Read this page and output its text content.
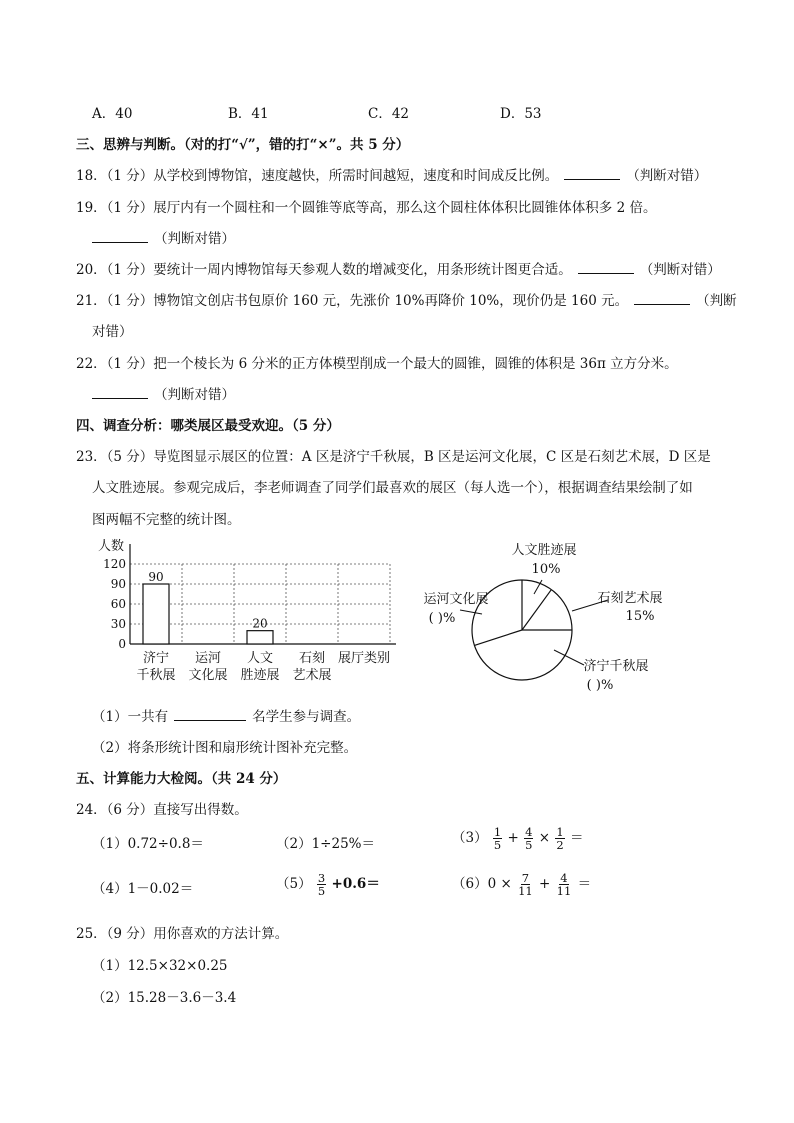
A．40	B．41	C．42	D．53
三、思辨与判断。（对的打“√”，错的打“×”。共 5 分）
18．（1 分）从学校到博物馆，速度越快，所需时间越短，速度和时间成反比例。	（判断对错）
19．（1 分）展厅内有一个圆柱和一个圆锥等底等高，那么这个圆柱体体积比圆锥体体积多 2 倍。
（判断对错）
20．（1 分）要统计一周内博物馆每天参观人数的增减变化，用条形统计图更合适。	（判断对错）
21．（1 分）博物馆文创店书包原价 160 元，先涨价 10%再降价 10%，现价仍是 160 元。	（判断
对错）
22．（1 分）把一个棱长为 6 分米的正方体模型削成一个最大的圆锥，圆锥的体积是 36π 立方分米。
（判断对错）
四、调查分析：哪类展区最受欢迎。（5 分）
23．（5 分）导览图显示展区的位置：A 区是济宁千秋展，B 区是运河文化展，C 区是石刻艺术展，D 区是
人文胜迹展。参观完成后，李老师调查了同学们最喜欢的展区（每人选一个），根据调查结果绘制了如
图两幅不完整的统计图。
120
90
60
30
0
人数
90
20
济宁
千秋展
运河
文化展
人文
胜迹展
石刻
艺术展
展厅类别
人文胜迹展
10%
石刻艺术展
15%
济宁千秋展
( )%
运河文化展
( )%
（1）一共有	名学生参与调查。
（2）将条形统计图和扇形统计图补充完整。
五、计算能力大检阅。（共 24 分）
24．（6 分）直接写出得数。
（1）0.72÷0.8＝	（2）1÷25%＝	$(3) \frac{1}{5} + \frac{4}{5} \times \frac{1}{2}$ ＝
（4）1－0.02＝	$(5) \frac{3}{5} +0.6=$	$(6)0 \times \frac{7}{11} + \frac{4}{11}$ ＝
25．（9 分）用你喜欢的方法计算。
（1）12.5×32×0.25
（2）15.28－3.6－3.4
